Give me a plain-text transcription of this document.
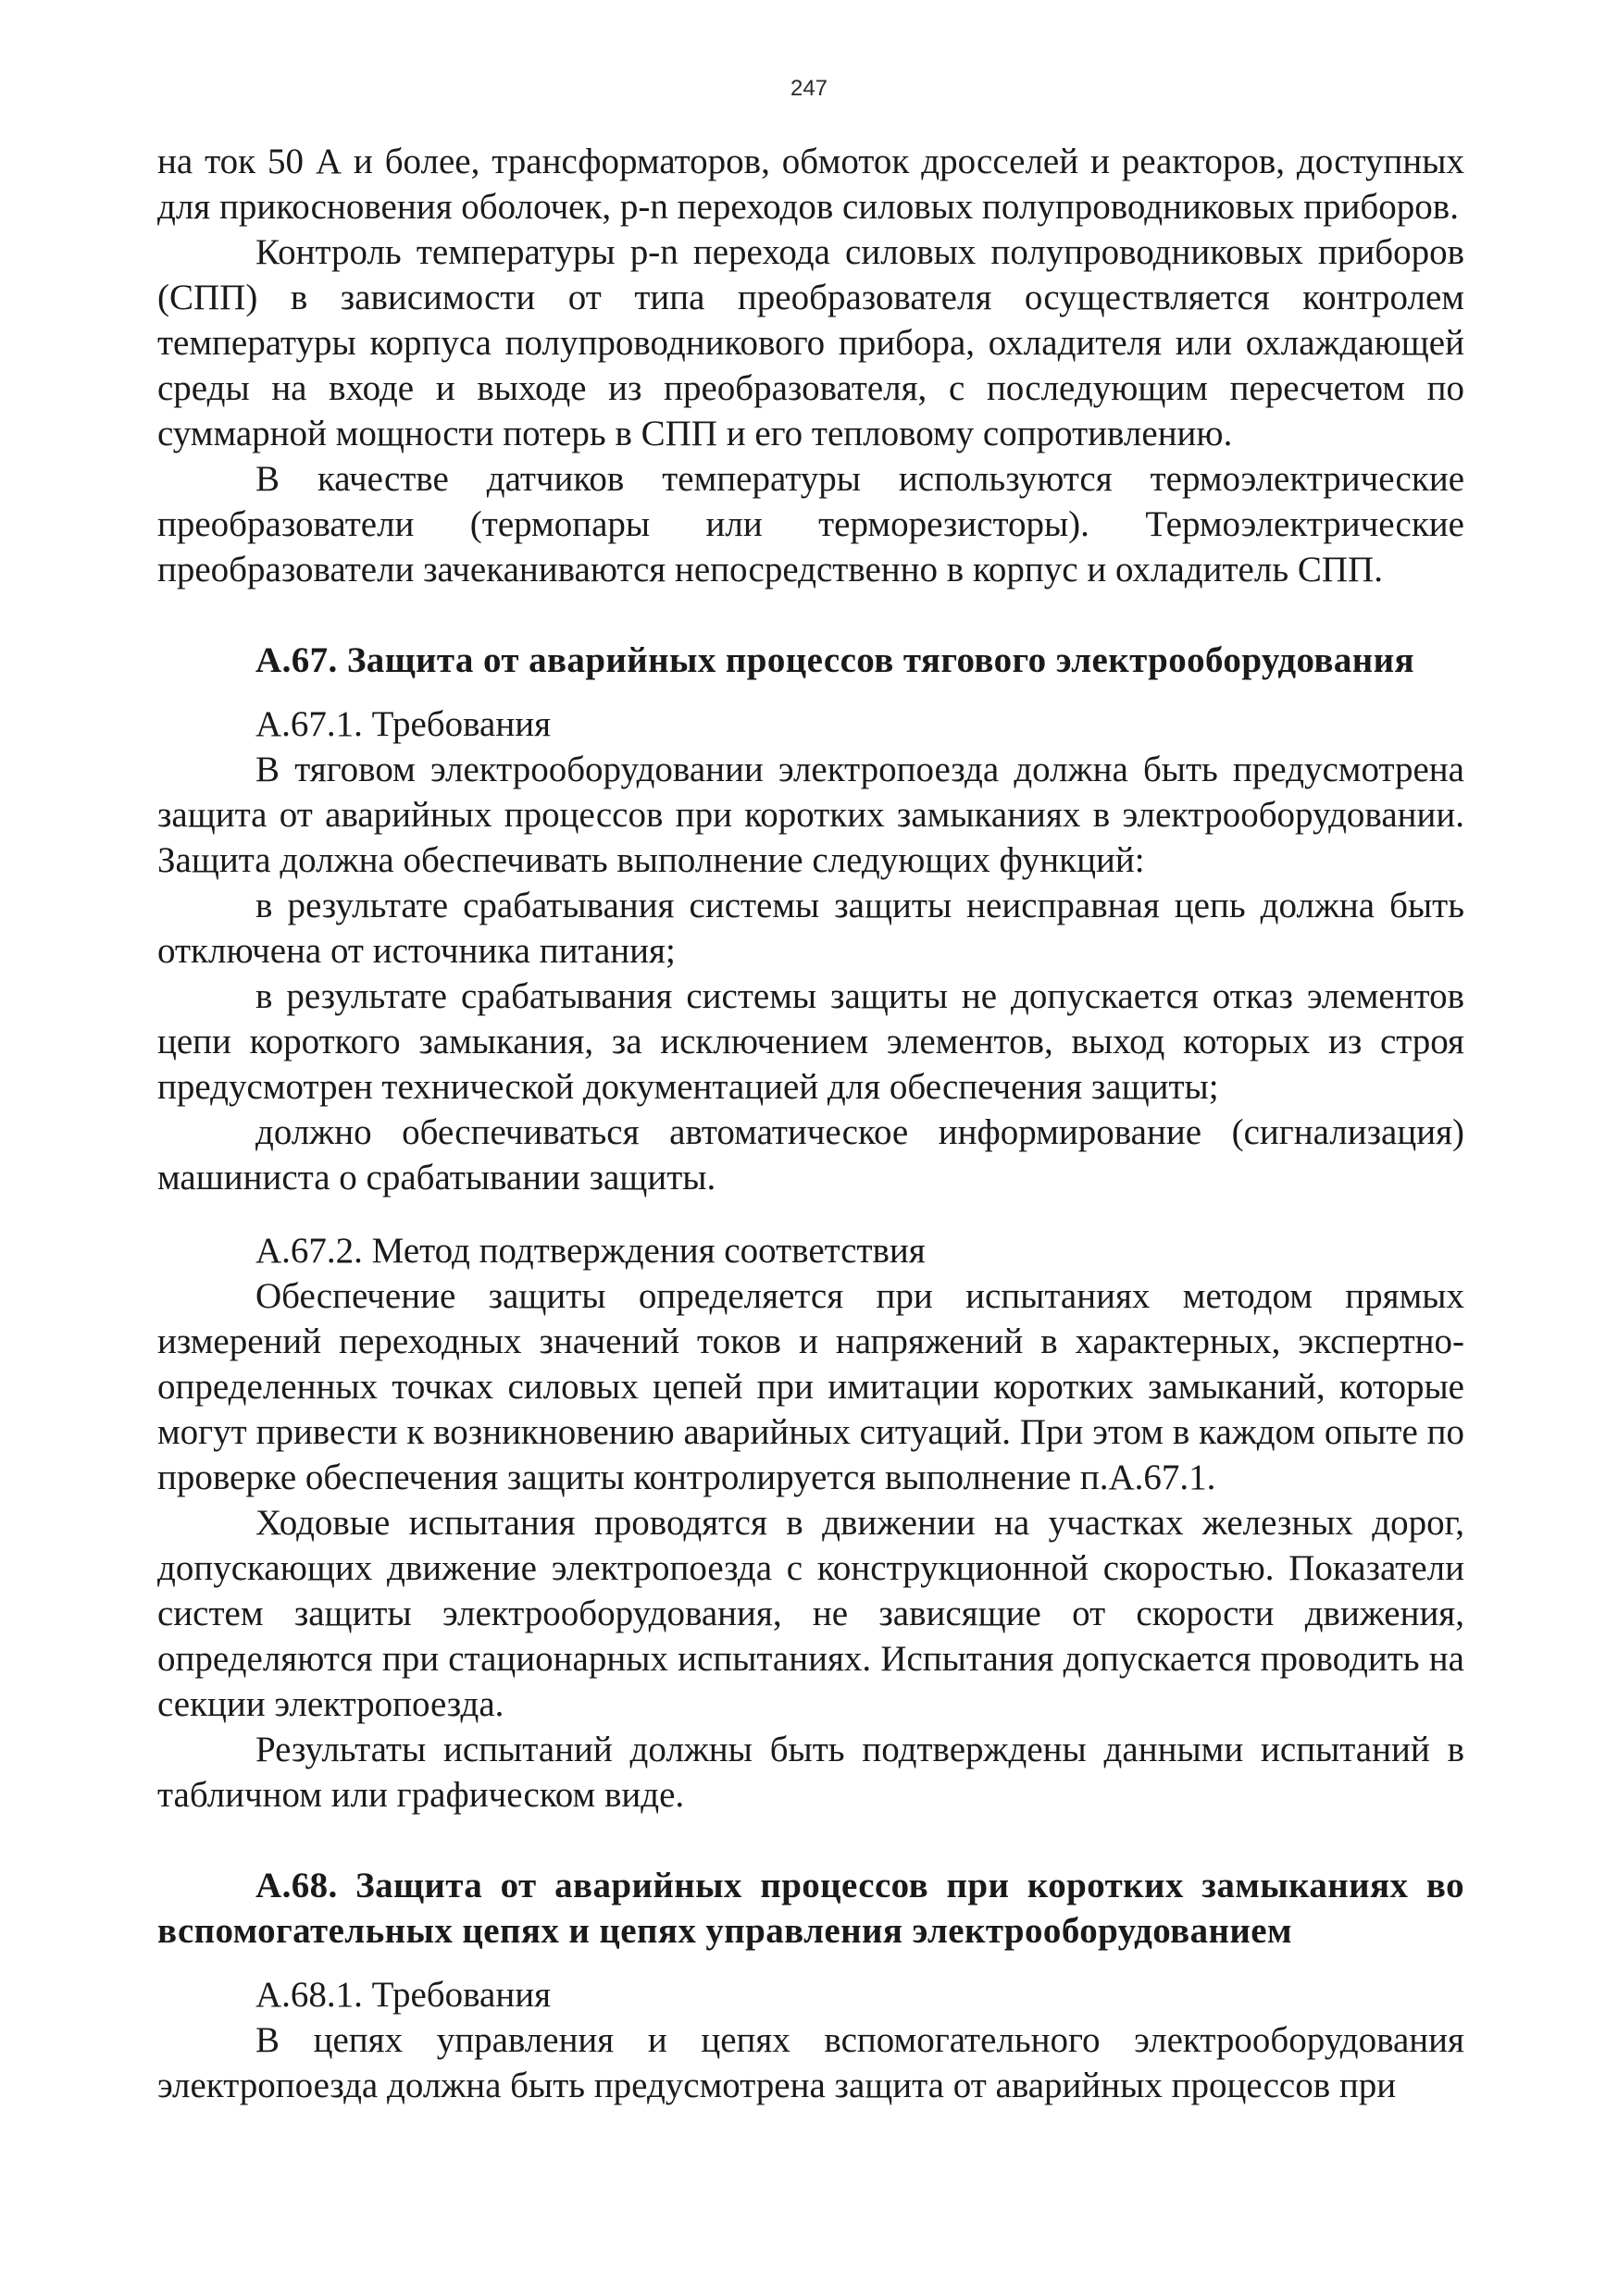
247

на ток 50 А и более, трансформаторов, обмоток дросселей и реакторов, доступных для прикосновения оболочек, p-n переходов силовых полупроводниковых приборов.

Контроль температуры p-n перехода силовых полупроводниковых приборов (СПП) в зависимости от типа преобразователя осуществляется контролем температуры корпуса полупроводникового прибора, охладителя или охлаждающей среды на входе и выходе из преобразователя, с последующим пересчетом по суммарной мощности потерь в СПП и его тепловому сопротивлению.

В качестве датчиков температуры используются термоэлектрические преобразователи (термопары или терморезисторы). Термоэлектрические преобразователи зачеканиваются непосредственно в корпус и охладитель СПП.

А.67. Защита от аварийных процессов тягового электрооборудования

А.67.1. Требования

В тяговом электрооборудовании электропоезда должна быть предусмотрена защита от аварийных процессов при коротких замыканиях в электрооборудовании. Защита должна обеспечивать выполнение следующих функций:

в результате срабатывания системы защиты неисправная цепь должна быть отключена от источника питания;

в результате срабатывания системы защиты не допускается отказ элементов цепи короткого замыкания, за исключением элементов, выход которых из строя предусмотрен технической документацией для обеспечения защиты;

должно обеспечиваться автоматическое информирование (сигнализация) машиниста о срабатывании защиты.

А.67.2. Метод подтверждения соответствия

Обеспечение защиты определяется при испытаниях методом прямых измерений переходных значений токов и напряжений в характерных, экспертно-определенных точках силовых цепей при имитации коротких замыканий, которые могут привести к возникновению аварийных ситуаций. При этом в каждом опыте по проверке обеспечения защиты контролируется выполнение п.А.67.1.

Ходовые испытания проводятся в движении на участках железных дорог, допускающих движение электропоезда с конструкционной скоростью. Показатели систем защиты электрооборудования, не зависящие от скорости движения, определяются при стационарных испытаниях. Испытания допускается проводить на секции электропоезда.

Результаты испытаний должны быть подтверждены данными испытаний в табличном или графическом виде.

А.68. Защита от аварийных процессов при коротких замыканиях во вспомогательных цепях и цепях управления электрооборудованием

А.68.1. Требования

В цепях управления и цепях вспомогательного электрооборудования электропоезда должна быть предусмотрена защита от аварийных процессов при
